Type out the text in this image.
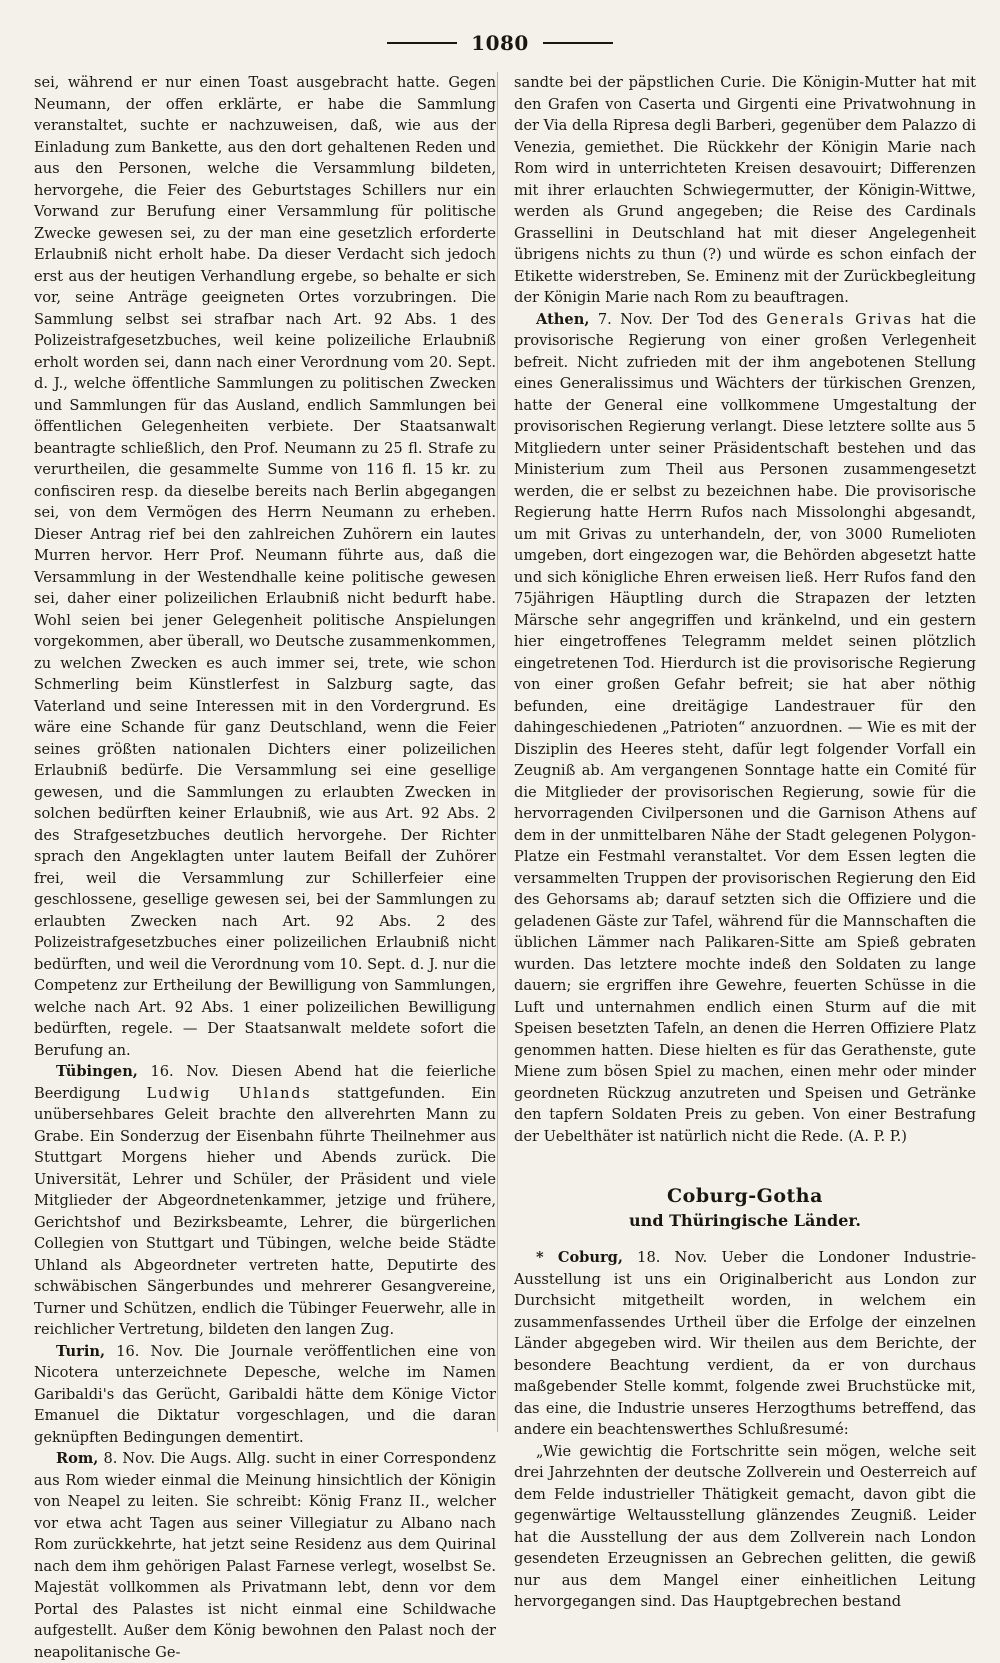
1080

sei, während er nur einen Toast ausgebracht hatte. Gegen Neumann, der offen erklärte, er habe die Sammlung veranstaltet, suchte er nachzuweisen, daß, wie aus der Einladung zum Bankette, aus den dort gehaltenen Reden und aus den Personen, welche die Versammlung bildeten, hervorgehe, die Feier des Geburtstages Schillers nur ein Vorwand zur Berufung einer Versammlung für politische Zwecke gewesen sei, zu der man eine gesetzlich erforderte Erlaubniß nicht erholt habe. Da dieser Verdacht sich jedoch erst aus der heutigen Verhandlung ergebe, so behalte er sich vor, seine Anträge geeigneten Ortes vorzubringen. Die Sammlung selbst sei strafbar nach Art. 92 Abs. 1 des Polizeistrafgesetzbuches, weil keine polizeiliche Erlaubniß erholt worden sei, dann nach einer Verordnung vom 20. Sept. d. J., welche öffentliche Sammlungen zu politischen Zwecken und Sammlungen für das Ausland, endlich Sammlungen bei öffentlichen Gelegenheiten verbiete. Der Staatsanwalt beantragte schließlich, den Prof. Neumann zu 25 fl. Strafe zu verurtheilen, die gesammelte Summe von 116 fl. 15 kr. zu confisciren resp. da dieselbe bereits nach Berlin abgegangen sei, von dem Vermögen des Herrn Neumann zu erheben. Dieser Antrag rief bei den zahlreichen Zuhörern ein lautes Murren hervor. Herr Prof. Neumann führte aus, daß die Versammlung in der Westendhalle keine politische gewesen sei, daher einer polizeilichen Erlaubniß nicht bedurft habe. Wohl seien bei jener Gelegenheit politische Anspielungen vorgekommen, aber überall, wo Deutsche zusammenkommen, zu welchen Zwecken es auch immer sei, trete, wie schon Schmerling beim Künstlerfest in Salzburg sagte, das Vaterland und seine Interessen mit in den Vordergrund. Es wäre eine Schande für ganz Deutschland, wenn die Feier seines größten nationalen Dichters einer polizeilichen Erlaubniß bedürfe. Die Versammlung sei eine gesellige gewesen, und die Sammlungen zu erlaubten Zwecken in solchen bedürften keiner Erlaubniß, wie aus Art. 92 Abs. 2 des Strafgesetzbuches deutlich hervorgehe. Der Richter sprach den Angeklagten unter lautem Beifall der Zuhörer frei, weil die Versammlung zur Schillerfeier eine geschlossene, gesellige gewesen sei, bei der Sammlungen zu erlaubten Zwecken nach Art. 92 Abs. 2 des Polizeistrafgesetzbuches einer polizeilichen Erlaubniß nicht bedürften, und weil die Verordnung vom 10. Sept. d. J. nur die Competenz zur Ertheilung der Bewilligung von Sammlungen, welche nach Art. 92 Abs. 1 einer polizeilichen Bewilligung bedürften, regele. — Der Staatsanwalt meldete sofort die Berufung an.

Tübingen, 16. Nov. Diesen Abend hat die feierliche Beerdigung Ludwig Uhlands stattgefunden. Ein unübersehbares Geleit brachte den allverehrten Mann zu Grabe. Ein Sonderzug der Eisenbahn führte Theilnehmer aus Stuttgart Morgens hieher und Abends zurück. Die Universität, Lehrer und Schüler, der Präsident und viele Mitglieder der Abgeordnetenkammer, jetzige und frühere, Gerichtshof und Bezirksbeamte, Lehrer, die bürgerlichen Collegien von Stuttgart und Tübingen, welche beide Städte Uhland als Abgeordneter vertreten hatte, Deputirte des schwäbischen Sängerbundes und mehrerer Gesangvereine, Turner und Schützen, endlich die Tübinger Feuerwehr, alle in reichlicher Vertretung, bildeten den langen Zug.

Turin, 16. Nov. Die Journale veröffentlichen eine von Nicotera unterzeichnete Depesche, welche im Namen Garibaldi's das Gerücht, Garibaldi hätte dem Könige Victor Emanuel die Diktatur vorgeschlagen, und die daran geknüpften Bedingungen dementirt.

Rom, 8. Nov. Die Augs. Allg. sucht in einer Correspondenz aus Rom wieder einmal die Meinung hinsichtlich der Königin von Neapel zu leiten. Sie schreibt: König Franz II., welcher vor etwa acht Tagen aus seiner Villegiatur zu Albano nach Rom zurückkehrte, hat jetzt seine Residenz aus dem Quirinal nach dem ihm gehörigen Palast Farnese verlegt, woselbst Se. Majestät vollkommen als Privatmann lebt, denn vor dem Portal des Palastes ist nicht einmal eine Schildwache aufgestellt. Außer dem König bewohnen den Palast noch der neapolitanische Ge-

sandte bei der päpstlichen Curie. Die Königin-Mutter hat mit den Grafen von Caserta und Girgenti eine Privatwohnung in der Via della Ripresa degli Barberi, gegenüber dem Palazzo di Venezia, gemiethet. Die Rückkehr der Königin Marie nach Rom wird in unterrichteten Kreisen desavouirt; Differenzen mit ihrer erlauchten Schwiegermutter, der Königin-Wittwe, werden als Grund angegeben; die Reise des Cardinals Grassellini in Deutschland hat mit dieser Angelegenheit übrigens nichts zu thun (?) und würde es schon einfach der Etikette widerstreben, Se. Eminenz mit der Zurückbegleitung der Königin Marie nach Rom zu beauftragen.

Athen, 7. Nov. Der Tod des Generals Grivas hat die provisorische Regierung von einer großen Verlegenheit befreit. Nicht zufrieden mit der ihm angebotenen Stellung eines Generalissimus und Wächters der türkischen Grenzen, hatte der General eine vollkommene Umgestaltung der provisorischen Regierung verlangt. Diese letztere sollte aus 5 Mitgliedern unter seiner Präsidentschaft bestehen und das Ministerium zum Theil aus Personen zusammengesetzt werden, die er selbst zu bezeichnen habe. Die provisorische Regierung hatte Herrn Rufos nach Missolonghi abgesandt, um mit Grivas zu unterhandeln, der, von 3000 Rumelioten umgeben, dort eingezogen war, die Behörden abgesetzt hatte und sich königliche Ehren erweisen ließ. Herr Rufos fand den 75jährigen Häuptling durch die Strapazen der letzten Märsche sehr angegriffen und kränkelnd, und ein gestern hier eingetroffenes Telegramm meldet seinen plötzlich eingetretenen Tod. Hierdurch ist die provisorische Regierung von einer großen Gefahr befreit; sie hat aber nöthig befunden, eine dreitägige Landestrauer für den dahingeschiedenen „Patrioten“ anzuordnen. — Wie es mit der Disziplin des Heeres steht, dafür legt folgender Vorfall ein Zeugniß ab. Am vergangenen Sonntage hatte ein Comité für die Mitglieder der provisorischen Regierung, sowie für die hervorragenden Civilpersonen und die Garnison Athens auf dem in der unmittelbaren Nähe der Stadt gelegenen Polygon-Platze ein Festmahl veranstaltet. Vor dem Essen legten die versammelten Truppen der provisorischen Regierung den Eid des Gehorsams ab; darauf setzten sich die Offiziere und die geladenen Gäste zur Tafel, während für die Mannschaften die üblichen Lämmer nach Palikaren-Sitte am Spieß gebraten wurden. Das letztere mochte indeß den Soldaten zu lange dauern; sie ergriffen ihre Gewehre, feuerten Schüsse in die Luft und unternahmen endlich einen Sturm auf die mit Speisen besetzten Tafeln, an denen die Herren Offiziere Platz genommen hatten. Diese hielten es für das Gerathenste, gute Miene zum bösen Spiel zu machen, einen mehr oder minder geordneten Rückzug anzutreten und Speisen und Getränke den tapfern Soldaten Preis zu geben. Von einer Bestrafung der Uebelthäter ist natürlich nicht die Rede. (A. P. P.)

Coburg-Gotha
und Thüringische Länder.

* Coburg, 18. Nov. Ueber die Londoner Industrie-Ausstellung ist uns ein Originalbericht aus London zur Durchsicht mitgetheilt worden, in welchem ein zusammenfassendes Urtheil über die Erfolge der einzelnen Länder abgegeben wird. Wir theilen aus dem Berichte, der besondere Beachtung verdient, da er von durchaus maßgebender Stelle kommt, folgende zwei Bruchstücke mit, das eine, die Industrie unseres Herzogthums betreffend, das andere ein beachtenswerthes Schlußresumé:

„Wie gewichtig die Fortschritte sein mögen, welche seit drei Jahrzehnten der deutsche Zollverein und Oesterreich auf dem Felde industrieller Thätigkeit gemacht, davon gibt die gegenwärtige Weltausstellung glänzendes Zeugniß. Leider hat die Ausstellung der aus dem Zollverein nach London gesendeten Erzeugnissen an Gebrechen gelitten, die gewiß nur aus dem Mangel einer einheitlichen Leitung hervorgegangen sind. Das Hauptgebrechen bestand
